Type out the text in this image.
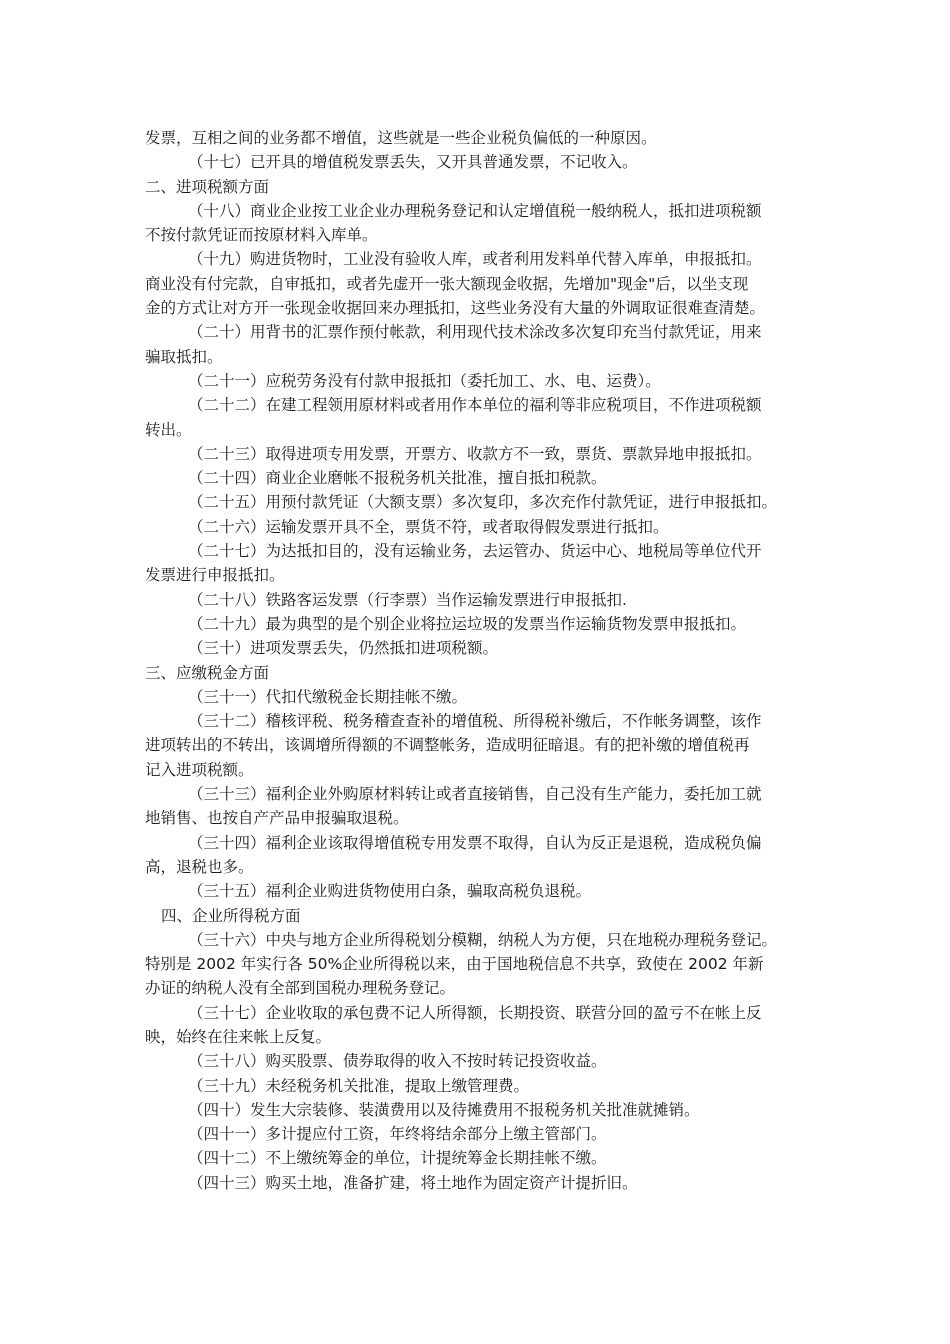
发票，互相之间的业务都不增值，这些就是一些企业税负偏低的一种原因。
（十七）已开具的增值税发票丢失，又开具普通发票，不记收入。
二、进项税额方面
（十八）商业企业按工业企业办理税务登记和认定增值税一般纳税人，抵扣进项税额
不按付款凭证而按原材料入库单。
（十九）购进货物时，工业没有验收人库，或者利用发料单代替入库单，申报抵扣。
商业没有付完款，自审抵扣，或者先虚开一张大额现金收据，先增加"现金"后，以坐支现
金的方式让对方开一张现金收据回来办理抵扣，这些业务没有大量的外调取证很难查清楚。
（二十）用背书的汇票作预付帐款，利用现代技术涂改多次复印充当付款凭证，用来
骗取抵扣。
（二十一）应税劳务没有付款申报抵扣（委托加工、水、电、运费）。
（二十二）在建工程领用原材料或者用作本单位的福利等非应税项目，不作进项税额
转出。
（二十三）取得进项专用发票，开票方、收款方不一致，票货、票款异地申报抵扣。
（二十四）商业企业磨帐不报税务机关批准，擅自抵扣税款。
（二十五）用预付款凭证（大额支票）多次复印，多次充作付款凭证，进行申报抵扣。
（二十六）运输发票开具不全，票货不符，或者取得假发票进行抵扣。
（二十七）为达抵扣目的，没有运输业务，去运管办、货运中心、地税局等单位代开
发票进行申报抵扣。
（二十八）铁路客运发票（行李票）当作运输发票进行申报抵扣.
（二十九）最为典型的是个别企业将拉运垃圾的发票当作运输货物发票申报抵扣。
（三十）进项发票丢失，仍然抵扣进项税额。
三、应缴税金方面
（三十一）代扣代缴税金长期挂帐不缴。
（三十二）稽核评税、税务稽查查补的增值税、所得税补缴后，不作帐务调整，该作
进项转出的不转出，该调增所得额的不调整帐务，造成明征暗退。有的把补缴的增值税再
记入进项税额。
（三十三）福利企业外购原材料转让或者直接销售，自己没有生产能力，委托加工就
地销售、也按自产产品申报骗取退税。
（三十四）福利企业该取得增值税专用发票不取得，自认为反正是退税，造成税负偏
高，退税也多。
（三十五）福利企业购进货物使用白条，骗取高税负退税。
四、企业所得税方面
（三十六）中央与地方企业所得税划分模糊，纳税人为方便，只在地税办理税务登记。
特别是 2002 年实行各 50%企业所得税以来，由于国地税信息不共享，致使在 2002 年新
办证的纳税人没有全部到国税办理税务登记。
（三十七）企业收取的承包费不记人所得额，长期投资、联营分回的盈亏不在帐上反
映，始终在往来帐上反复。
（三十八）购买股票、债券取得的收入不按时转记投资收益。
（三十九）未经税务机关批准，提取上缴管理费。
（四十）发生大宗装修、装潢费用以及待摊费用不报税务机关批准就摊销。
（四十一）多计提应付工资，年终将结余部分上缴主管部门。
（四十二）不上缴统筹金的单位，计提统筹金长期挂帐不缴。
（四十三）购买土地，准备扩建，将土地作为固定资产计提折旧。
